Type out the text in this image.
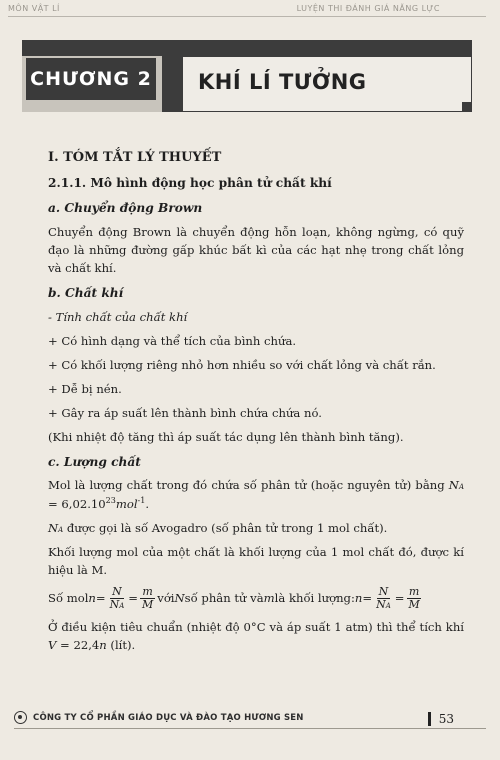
MÔN VẬT LÍ	LUYỆN THI ĐÁNH GIÁ NĂNG LỰC
CHƯƠNG 2 KHÍ LÍ TƯỞNG
I. TÓM TẮT LÝ THUYẾT
2.1.1. Mô hình động học phân tử chất khí
a. Chuyển động Brown
Chuyển động Brown là chuyển động hỗn loạn, không ngừng, có quỹ đạo là những đường gấp khúc bất kì của các hạt nhẹ trong chất lỏng và chất khí.
b. Chất khí
- Tính chất của chất khí
+ Có hình dạng và thể tích của bình chứa.
+ Có khối lượng riêng nhỏ hơn nhiều so với chất lỏng và chất rắn.
+ Dễ bị nén.
+ Gây ra áp suất lên thành bình chứa chứa nó.
(Khi nhiệt độ tăng thì áp suất tác dụng lên thành bình tăng).
c. Lượng chất
Mol là lượng chất trong đó chứa số phân tử (hoặc nguyên tử) bằng NA = $6,02.10^{23}mol^{-1}$.
NA được gọi là số Avogadro (số phân tử trong 1 mol chất).
Khối lượng mol của một chất là khối lượng của 1 mol chất đó, được kí hiệu là M.
Số mol $n = \frac{N}{NA} = \frac{m}{M}$ với N số phân tử và m là khối lượng: $n = \frac{N}{NA} = \frac{m}{M}$
Ở điều kiện tiêu chuẩn (nhiệt độ 0°C và áp suất 1 atm) thì thể tích khí V = 22,4n (lít).
CÔNG TY CỔ PHẦN GIÁO DỤC VÀ ĐÀO TẠO HƯƠNG SEN	53
